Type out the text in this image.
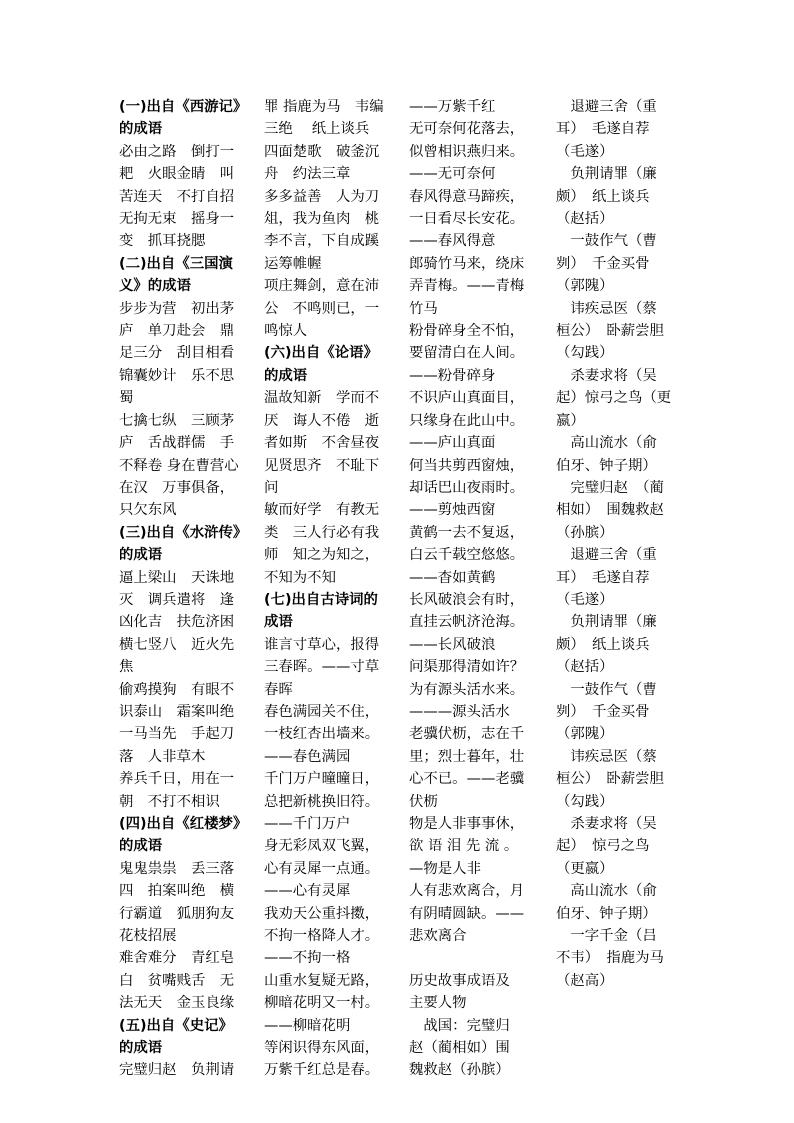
(一)出自《西游记》
的成语
必由之路　倒打一
耙　火眼金睛　叫
苦连天　不打自招
无拘无束　摇身一
变　抓耳挠腮
(二)出自《三国演
义》的成语
步步为营　初出茅
庐　单刀赴会　鼎
足三分　刮目相看
锦囊妙计　乐不思
蜀
七擒七纵　三顾茅
庐　舌战群儒　手
不释卷 身在曹营心
在汉　万事俱备，
只欠东风
(三)出自《水浒传》
的成语
逼上梁山　天诛地
灭　调兵遣将　逢
凶化吉　扶危济困
横七竖八　近火先
焦
偷鸡摸狗　有眼不
识泰山　霜案叫绝
一马当先　手起刀
落　人非草木
养兵千日，用在一
朝　不打不相识
(四)出自《红楼梦》
的成语
鬼鬼祟祟　丢三落
四　拍案叫绝　横
行霸道　狐朋狗友
花枝招展
难舍难分　青红皂
白　贫嘴贱舌　无
法无天　金玉良缘
(五)出自《史记》
的成语
完璧归赵　负荆请
罪 指鹿为马　韦编
三绝　 纸上谈兵
四面楚歌　破釜沉
舟　约法三章
多多益善　人为刀
俎，我为鱼肉　桃
李不言，下自成蹊
运筹帷幄
项庄舞剑，意在沛
公　不鸣则已，一
鸣惊人
(六)出自《论语》
的成语
温故知新　学而不
厌　诲人不倦　逝
者如斯　不舍昼夜
见贤思齐　不耻下
问
敏而好学　有教无
类　三人行必有我
师　知之为知之，
不知为不知
(七)出自古诗词的
成语
谁言寸草心，报得
三春晖。——寸草
春晖
春色满园关不住，
一枝红杏出墙来。
——春色满园
千门万户曈曈日，
总把新桃换旧符。
——千门万户
身无彩凤双飞翼，
心有灵犀一点通。
——心有灵犀
我劝天公重抖擞，
不拘一格降人才。
——不拘一格
山重水复疑无路，
柳暗花明又一村。
——柳暗花明
等闲识得东风面，
万紫千红总是春。
——万紫千红
无可奈何花落去，
似曾相识燕归来。
——无可奈何
春风得意马蹄疾，
一日看尽长安花。
——春风得意
郎骑竹马来，绕床
弄青梅。——青梅
竹马
粉骨碎身全不怕，
要留清白在人间。
——粉骨碎身
不识庐山真面目，
只缘身在此山中。
——庐山真面
何当共剪西窗烛，
却话巴山夜雨时。
——剪烛西窗
黄鹤一去不复返，
白云千载空悠悠。
——杳如黄鹤
长风破浪会有时，
直挂云帆济沧海。
——长风破浪
问渠那得清如许？
为有源头活水来。
———源头活水
老骥伏枥，志在千
里；烈士暮年，壮
心不已。——老骥
伏枥
物是人非事事休，
欲 语 泪 先 流 。
—物是人非
人有悲欢离合，月
有阴晴圆缺。——
悲欢离合
历史故事成语及
主要人物
　战国：完璧归
赵（蔺相如）围
魏救赵（孙膑）
　退避三舍（重
耳）　毛遂自荐
（毛遂）
　负荆请罪（廉
颇）　纸上谈兵
（赵括）
　一鼓作气（曹
刿）　千金买骨
（郭隗）
　讳疾忌医（蔡
桓公）　卧薪尝胆
（勾践）
　杀妻求将（吴
起）惊弓之鸟（更
嬴）
　高山流水（俞
伯牙、钟子期）
　完璧归赵　（蔺
相如）　围魏救赵
（孙膑）
　退避三舍（重
耳）　毛遂自荐
（毛遂）
　负荆请罪（廉
颇）　纸上谈兵
（赵括）
　一鼓作气（曹
刿）　千金买骨
（郭隗）
　讳疾忌医（蔡
桓公）　卧薪尝胆
（勾践）
　杀妻求将（吴
起）　惊弓之鸟
（更嬴）
　高山流水（俞
伯牙、钟子期）
　一字千金（吕
不韦）　指鹿为马
（赵高）
